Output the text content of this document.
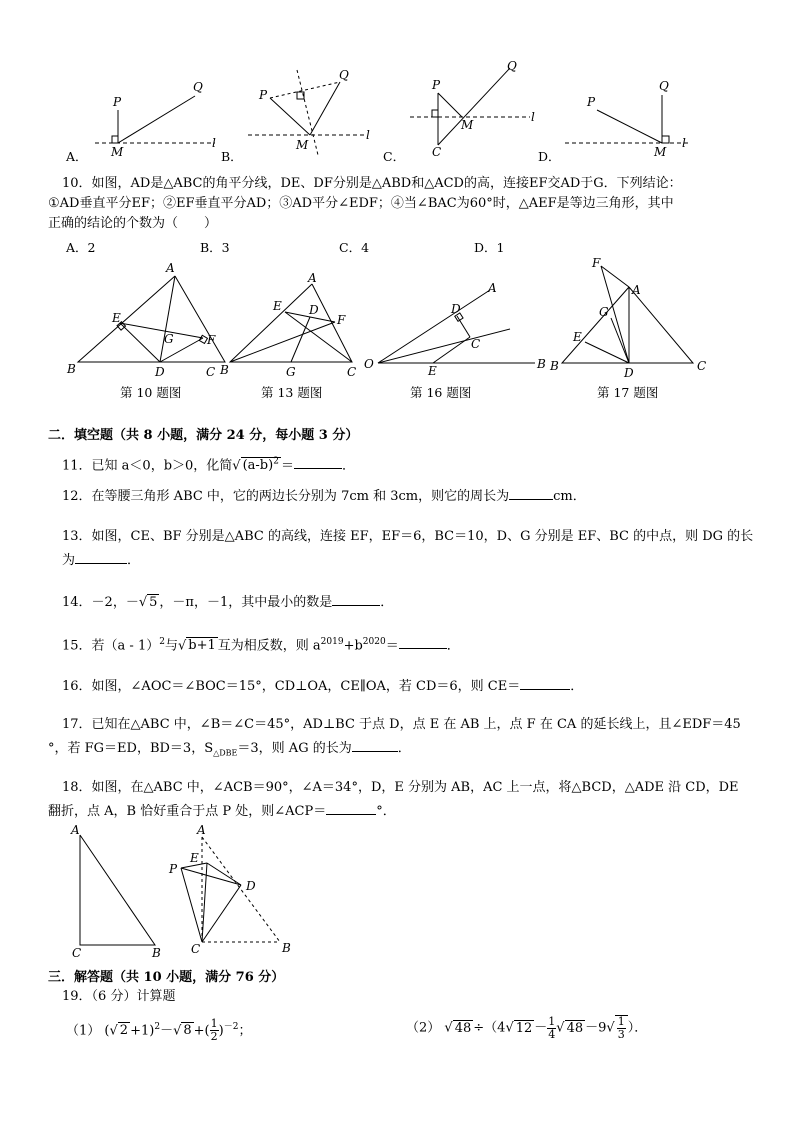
A．
P
Q
M
l
P
Q
M
l
P
Q
M
l
C
P
Q
M
l
B．	C．	D．
10．如图，AD是△ABC的角平分线，DE、DF分别是△ABD和△ACD的高，连接EF交AD于G．下列结论：
①AD垂直平分EF；②EF垂直平分AD；③AD平分∠EDF；④当∠BAC为60°时，△AEF是等边三角形，其中
正确的结论的个数为（　　）
A．2	B．3	C．4	D．1
A
B	D	C
E
F
G
A
B	C
G
E
F
D
A
O	B
D
C
E
F
A
G
E
B	D	C
第 10 题图	第 13 题图	第 16 题图	第 17 题图
二．填空题（共 8 小题，满分 24 分，每小题 3 分）
11．已知 a＜0，b＞0，化简√ $(a-b)^2$ ＝	．
12．在等腰三角形 ABC 中，它的两边长分别为 7cm 和 3cm，则它的周长为	cm．
13．如图，CE、BF 分别是△ABC 的高线，连接 EF，EF＝6，BC＝10，D、G 分别是 EF、BC 的中点，则 DG 的长
为	．
14．－2，－√ 5 ，－π，－1，其中最小的数是	．
15．若（a - 1）$^2$与√ b+1 互为相反数，则 $a^{2019}+b^{2020}=$	．
16．如图，∠AOC＝∠BOC＝15°，CD⊥OA，CE∥OA，若 CD＝6，则 CE＝	．
17．已知在△ABC 中，∠B＝∠C＝45°，AD⊥BC 于点 D，点 E 在 AB 上，点 F 在 CA 的延长线上，且∠EDF＝45
°，若 FG＝ED，BD＝3，$S_{\triangle DBE}=3$，则 AG 的长为	．
18．如图，在△ABC 中，∠ACB＝90°，∠A＝34°，D，E 分别为 AB，AC 上一点，将△BCD，△ADE 沿 CD，DE
翻折，点 A，B 恰好重合于点 P 处，则∠ACP＝	°．
A
C	B
A
P
E
D
C	B
三．解答题（共 10 小题，满分 76 分）
19．（6 分）计算题
（1） (√ 2 +1)$^2$－√ 8 +( $\frac{1}{2} )^{-2}$；	（2） √ 48 ÷（4√ $12 - \frac{1}{4}$ √ $48 -9√ \frac{1}{3}$ ）．
